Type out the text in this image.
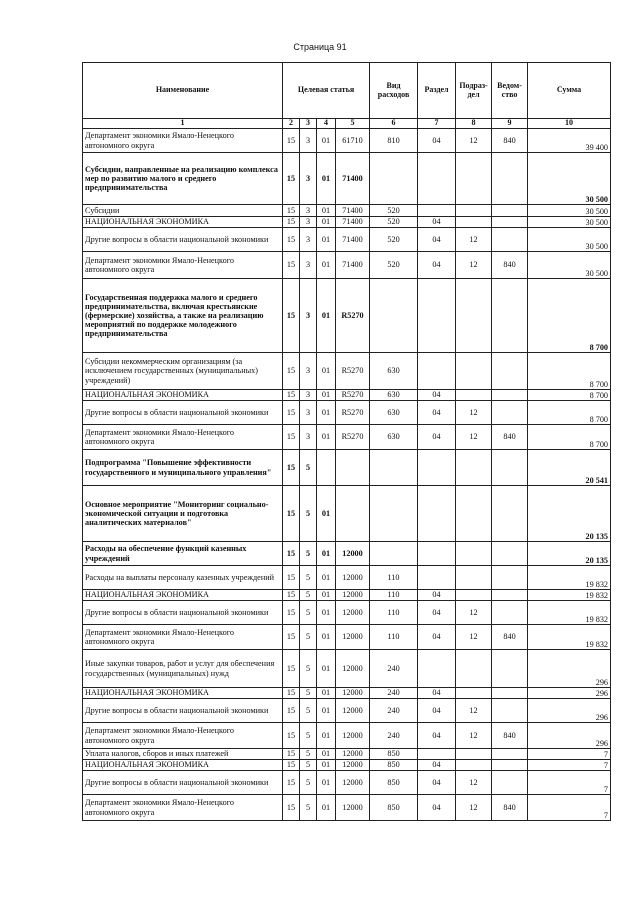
Страница 91
Наименование	Целевая статья				Вид расходов	Раздел	Подраз-дел	Ведом-ство	Сумма
1	2	3	4	5	6	7	8	9	10
Департамент экономики Ямало-Ненецкого автономного округа	15	3	01	61710	810	04	12	840	39 400
Субсидии, направленные на реализацию комплекса мер по развитию малого и среднего предпринимательства	15	3	01	71400					30 500
Субсидии	15	3	01	71400	520				30 500
НАЦИОНАЛЬНАЯ ЭКОНОМИКА	15	3	01	71400	520	04			30 500
Другие вопросы в области национальной экономики	15	3	01	71400	520	04	12		30 500
Департамент экономики Ямало-Ненецкого автономного округа	15	3	01	71400	520	04	12	840	30 500
Государственная поддержка малого и среднего предпринимательства, включая крестьянские (фермерские) хозяйства, а также на реализацию мероприятий по поддержке молодежного предпринимательства	15	3	01	R5270					8 700
Субсидии некоммерческим организациям (за исключением государственных (муниципальных) учреждений)	15	3	01	R5270	630				8 700
НАЦИОНАЛЬНАЯ ЭКОНОМИКА	15	3	01	R5270	630	04			8 700
Другие вопросы в области национальной экономики	15	3	01	R5270	630	04	12		8 700
Департамент экономики Ямало-Ненецкого автономного округа	15	3	01	R5270	630	04	12	840	8 700
Подпрограмма "Повышение эффективности государственного и муниципального управления"	15	5							20 541
Основное мероприятие "Мониторинг социально-экономической ситуации и подготовка аналитических материалов"	15	5	01						20 135
Расходы на обеспечение функций казенных учреждений	15	5	01	12000					20 135
Расходы на выплаты персоналу казенных учреждений	15	5	01	12000	110				19 832
НАЦИОНАЛЬНАЯ ЭКОНОМИКА	15	5	01	12000	110	04			19 832
Другие вопросы в области национальной экономики	15	5	01	12000	110	04	12		19 832
Департамент экономики Ямало-Ненецкого автономного округа	15	5	01	12000	110	04	12	840	19 832
Иные закупки товаров, работ и услуг для обеспечения государственных (муниципальных) нужд	15	5	01	12000	240				296
НАЦИОНАЛЬНАЯ ЭКОНОМИКА	15	5	01	12000	240	04			296
Другие вопросы в области национальной экономики	15	5	01	12000	240	04	12		296
Департамент экономики Ямало-Ненецкого автономного округа	15	5	01	12000	240	04	12	840	296
Уплата налогов, сборов и иных платежей	15	5	01	12000	850				7
НАЦИОНАЛЬНАЯ ЭКОНОМИКА	15	5	01	12000	850	04			7
Другие вопросы в области национальной экономики	15	5	01	12000	850	04	12		7
Департамент экономики Ямало-Ненецкого автономного округа	15	5	01	12000	850	04	12	840	7
